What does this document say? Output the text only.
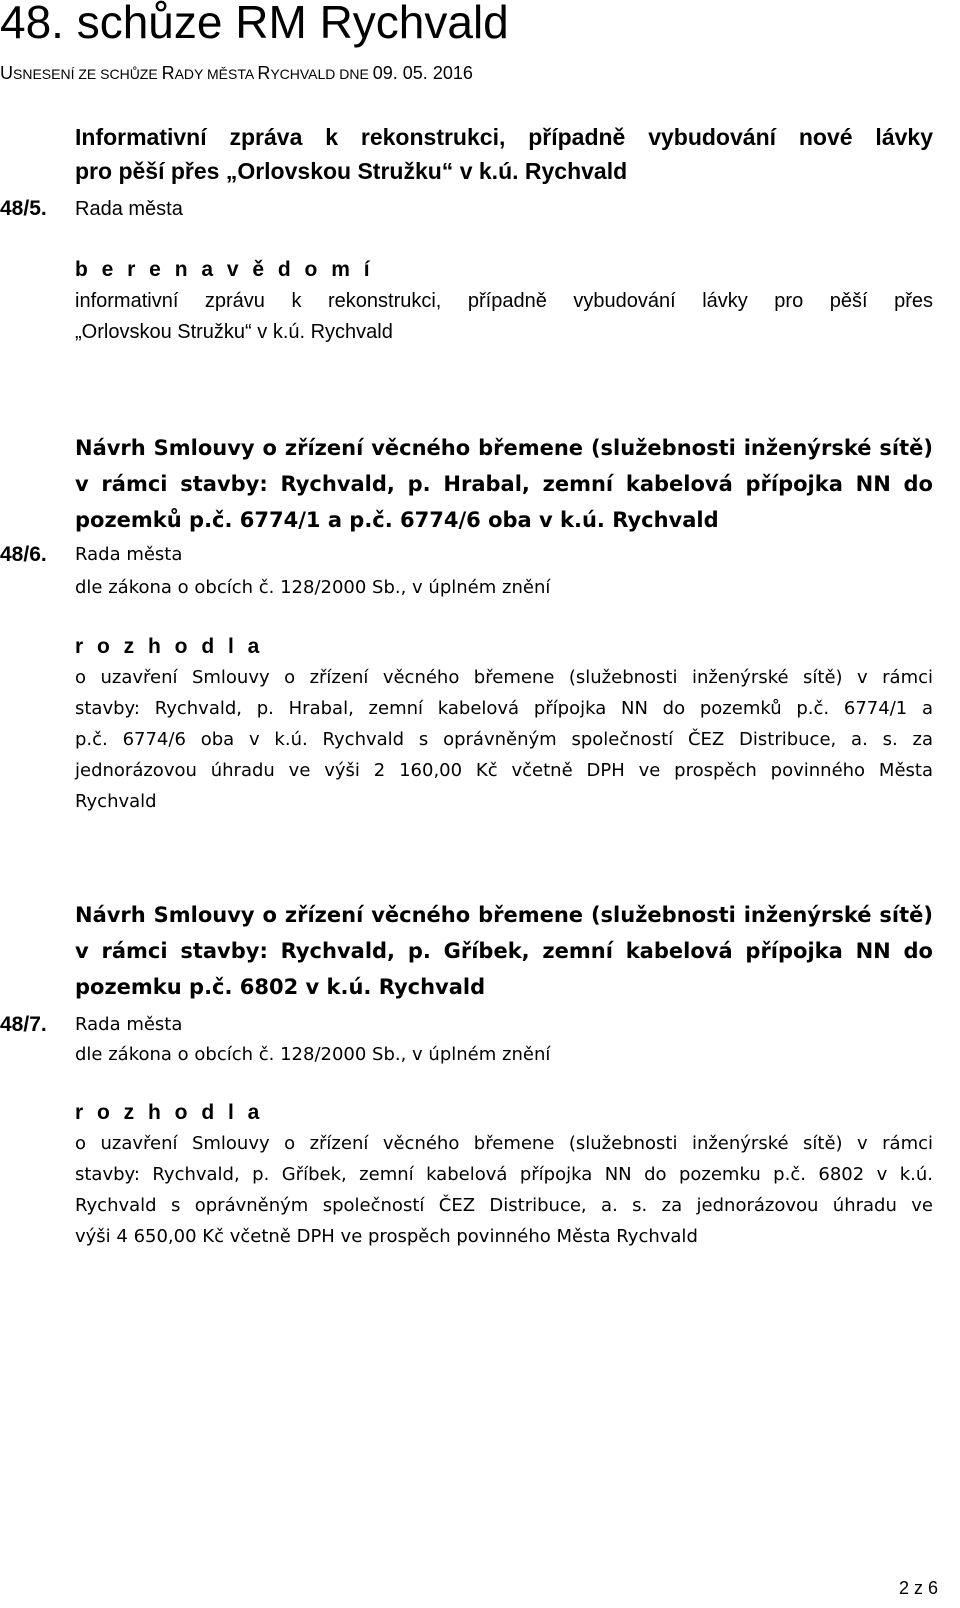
48. schůze RM Rychvald
USNESENÍ ZE SCHŮZE RADY MĚSTA RYCHVALD DNE 09. 05. 2016
Informativní zpráva k rekonstrukci, případně vybudování nové lávky
pro pěší přes „Orlovskou Stružku“ v k.ú. Rychvald
48/5. Rada města
b e r e n a v ě d o m í
informativní zprávu k rekonstrukci, případně vybudování lávky pro pěší přes
„Orlovskou Stružku“ v k.ú. Rychvald
Návrh Smlouvy o zřízení věcného břemene (služebnosti inženýrské sítě)
v rámci stavby: Rychvald, p. Hrabal, zemní kabelová přípojka NN do
pozemků p.č. 6774/1 a p.č. 6774/6 oba v k.ú. Rychvald
48/6. Rada města
dle zákona o obcích č. 128/2000 Sb., v úplném znění
r o z h o d l a
o uzavření Smlouvy o zřízení věcného břemene (služebnosti inženýrské sítě) v rámci
stavby: Rychvald, p. Hrabal, zemní kabelová přípojka NN do pozemků p.č. 6774/1 a
p.č. 6774/6 oba v k.ú. Rychvald s oprávněným společností ČEZ Distribuce, a. s. za
jednorázovou úhradu ve výši 2 160,00 Kč včetně DPH ve prospěch povinného Města
Rychvald
Návrh Smlouvy o zřízení věcného břemene (služebnosti inženýrské sítě)
v rámci stavby: Rychvald, p. Gříbek, zemní kabelová přípojka NN do
pozemku p.č. 6802 v k.ú. Rychvald
48/7. Rada města
dle zákona o obcích č. 128/2000 Sb., v úplném znění
r o z h o d l a
o uzavření Smlouvy o zřízení věcného břemene (služebnosti inženýrské sítě) v rámci
stavby: Rychvald, p. Gříbek, zemní kabelová přípojka NN do pozemku p.č. 6802 v k.ú.
Rychvald s oprávněným společností ČEZ Distribuce, a. s. za jednorázovou úhradu ve
výši 4 650,00 Kč včetně DPH ve prospěch povinného Města Rychvald
2 z 6
